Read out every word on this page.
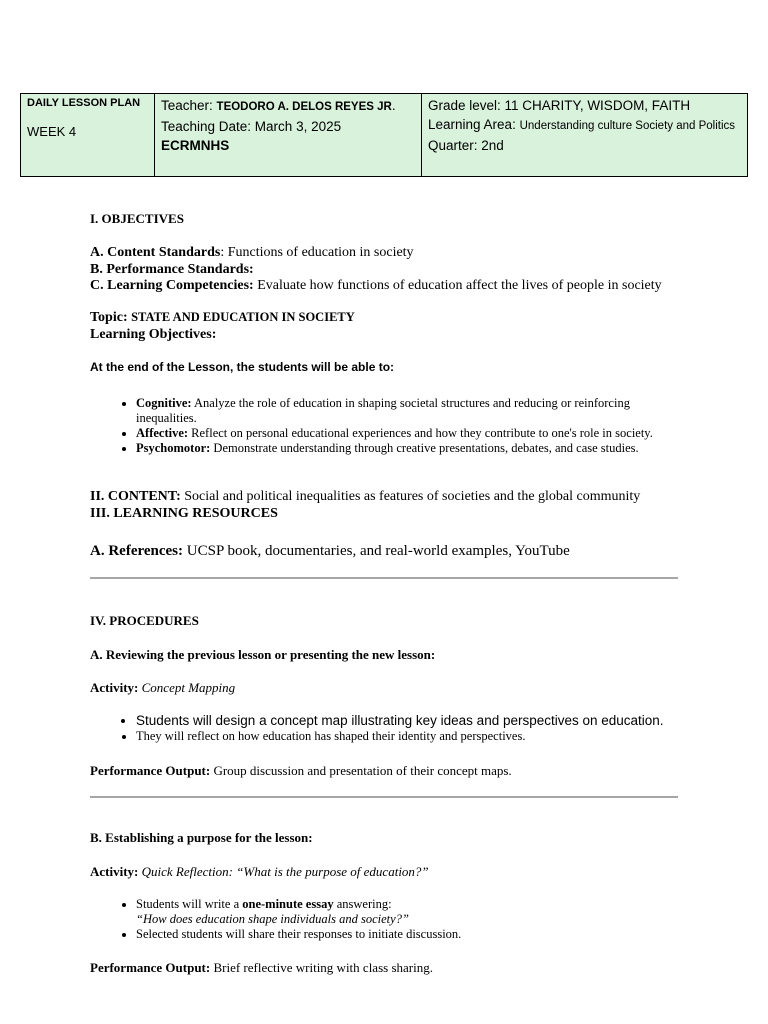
DAILY LESSON PLAN
WEEK 4
Teacher: TEODORO A. DELOS REYES JR.
Teaching Date: March 3, 2025
ECRMNHS
Grade level: 11 CHARITY, WISDOM, FAITH
Learning Area: Understanding culture Society and Politics
Quarter: 2nd
I. OBJECTIVES
A. Content Standards: Functions of education in society
B. Performance Standards:
C. Learning Competencies: Evaluate how functions of education affect the lives of people in society
Topic: STATE AND EDUCATION IN SOCIETY
Learning Objectives:
At the end of the Lesson, the students will be able to:
• Cognitive: Analyze the role of education in shaping societal structures and reducing or reinforcing inequalities.
• Affective: Reflect on personal educational experiences and how they contribute to one's role in society.
• Psychomotor: Demonstrate understanding through creative presentations, debates, and case studies.
II. CONTENT: Social and political inequalities as features of societies and the global community
III. LEARNING RESOURCES
A. References: UCSP book, documentaries, and real-world examples, YouTube
IV. PROCEDURES
A. Reviewing the previous lesson or presenting the new lesson:
Activity: Concept Mapping
• Students will design a concept map illustrating key ideas and perspectives on education.
• They will reflect on how education has shaped their identity and perspectives.
Performance Output: Group discussion and presentation of their concept maps.
B. Establishing a purpose for the lesson:
Activity: Quick Reflection: “What is the purpose of education?”
• Students will write a one-minute essay answering:
“How does education shape individuals and society?”
• Selected students will share their responses to initiate discussion.
Performance Output: Brief reflective writing with class sharing.
